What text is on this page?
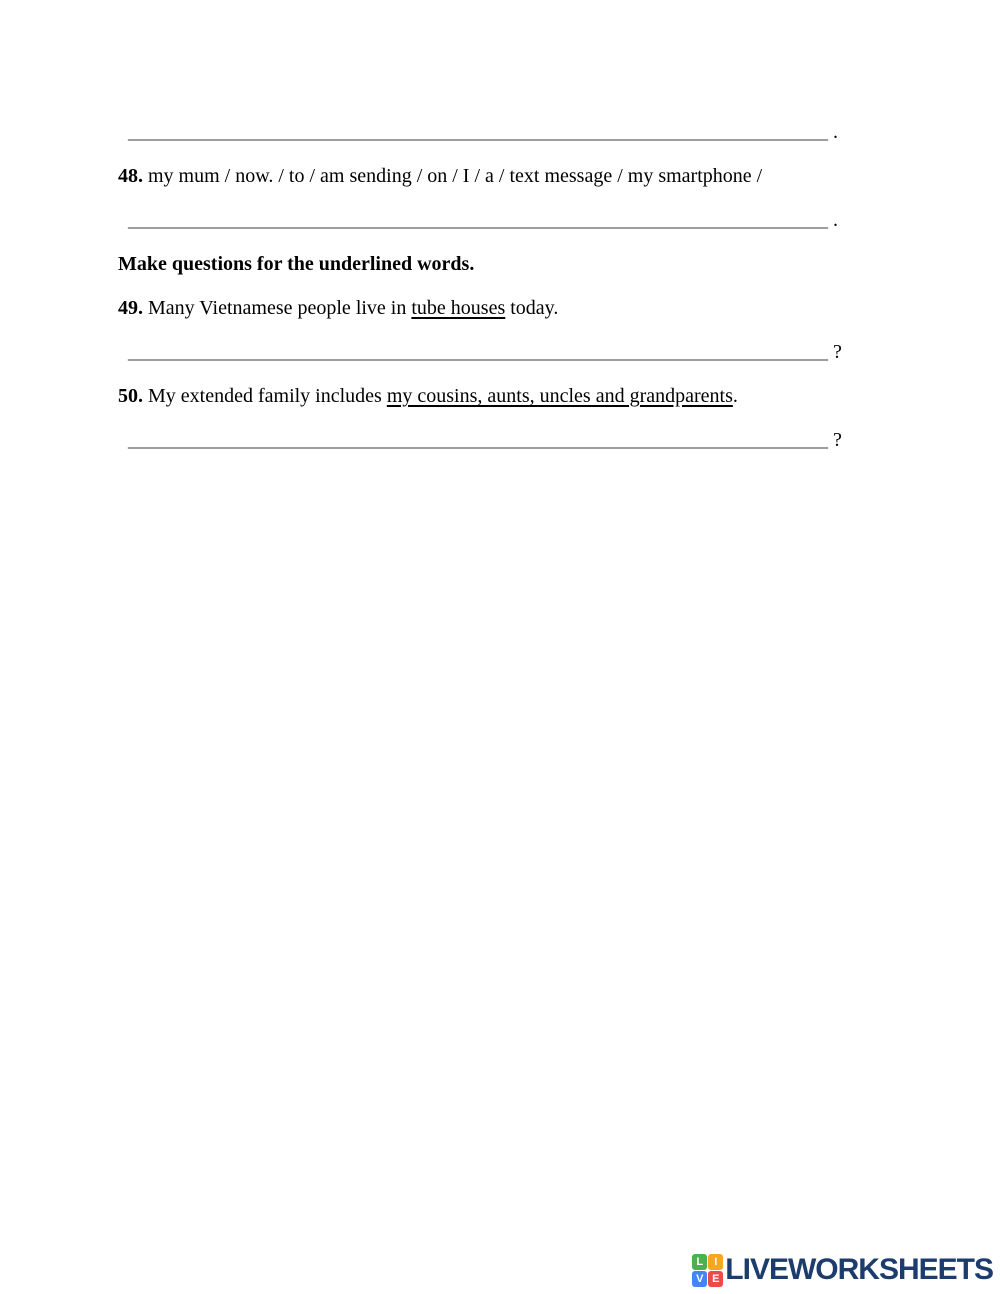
______________________________________________________________________ .

48. my mum / now. / to / am sending / on / I / a / text message / my smartphone /

______________________________________________________________________ .

Make questions for the underlined words.

49. Many Vietnamese people live in tube houses today.

______________________________________________________________________ ?

50. My extended family includes my cousins, aunts, uncles and grandparents.

______________________________________________________________________ ?

L	I
V E LIVEWORKSHEETS
